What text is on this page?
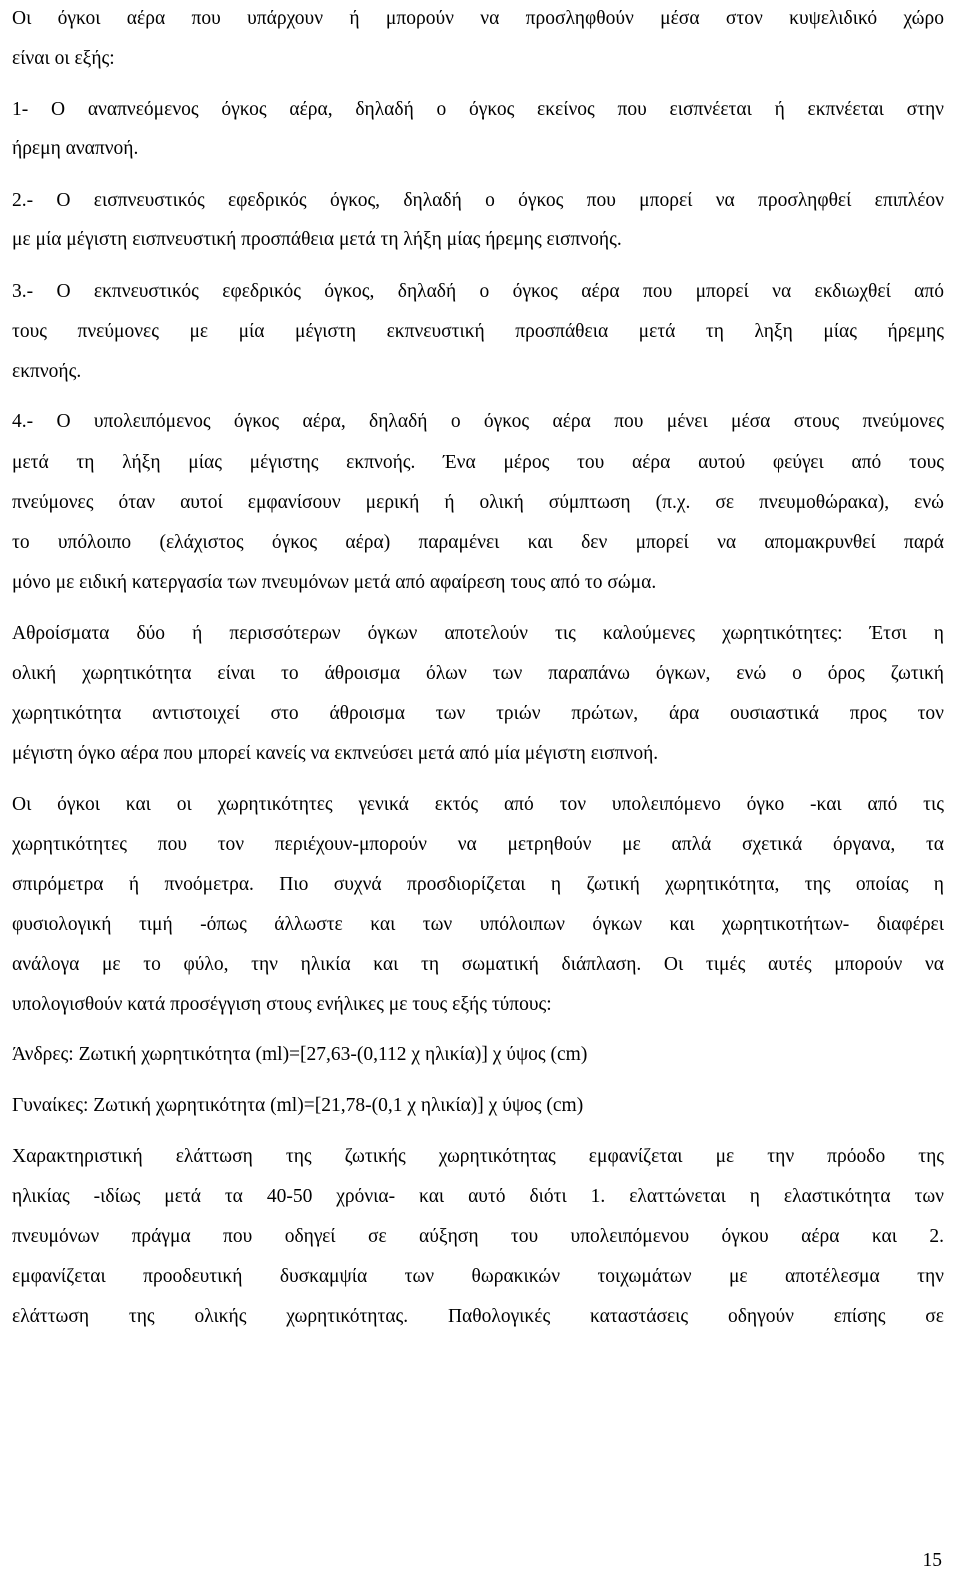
Οι όγκοι αέρα που υπάρχουν ή μπορούν να προσληφθούν μέσα στον κυψελιδικό χώρο
είναι οι εξής:
1- Ο αναπνεόμενος όγκος αέρα, δηλαδή ο όγκος εκείνος που εισπνέεται ή εκπνέεται στην
ήρεμη αναπνοή.
2.- Ο εισπνευστικός εφεδρικός όγκος, δηλαδή ο όγκος που μπορεί να προσληφθεί επιπλέον
με μία μέγιστη εισπνευστική προσπάθεια μετά τη λήξη μίας ήρεμης εισπνοής.
3.- Ο εκπνευστικός εφεδρικός όγκος, δηλαδή ο όγκος αέρα που μπορεί να εκδιωχθεί από
τους πνεύμονες με μία μέγιστη εκπνευστική προσπάθεια μετά τη ληξη μίας ήρεμης
εκπνοής.
4.- Ο υπολειπόμενος όγκος αέρα, δηλαδή ο όγκος αέρα που μένει μέσα στους πνεύμονες
μετά τη λήξη μίας μέγιστης εκπνοής. Ένα μέρος του αέρα αυτού φεύγει από τους
πνεύμονες όταν αυτοί εμφανίσουν μερική ή ολική σύμπτωση (π.χ. σε πνευμοθώρακα), ενώ
το υπόλοιπο (ελάχιστος όγκος αέρα) παραμένει και δεν μπορεί να απομακρυνθεί παρά
μόνο με ειδική κατεργασία των πνευμόνων μετά από αφαίρεση τους από το σώμα.
Αθροίσματα δύο ή περισσότερων όγκων αποτελούν τις καλούμενες χωρητικότητες: Έτσι η
ολική χωρητικότητα είναι το άθροισμα όλων των παραπάνω όγκων, ενώ ο όρος ζωτική
χωρητικότητα αντιστοιχεί στο άθροισμα των τριών πρώτων, άρα ουσιαστικά προς τον
μέγιστη όγκο αέρα που μπορεί κανείς να εκπνεύσει μετά από μία μέγιστη εισπνοή.
Οι όγκοι και οι χωρητικότητες γενικά εκτός από τον υπολειπόμενο όγκο -και από τις
χωρητικότητες που τον περιέχουν-μπορούν να μετρηθούν με απλά σχετικά όργανα, τα
σπιρόμετρα ή πνοόμετρα. Πιο συχνά προσδιορίζεται η ζωτική χωρητικότητα, της οποίας η
φυσιολογική τιμή -όπως άλλωστε και των υπόλοιπων όγκων και χωρητικοτήτων- διαφέρει
ανάλογα με το φύλο, την ηλικία και τη σωματική διάπλαση. Οι τιμές αυτές μπορούν να
υπολογισθούν κατά προσέγγιση στους ενήλικες με τους εξής τύπους:
Άνδρες: Ζωτική χωρητικότητα (ml)=[27,63-(0,112 χ ηλικία)] χ ύψος (cm)
Γυναίκες: Ζωτική χωρητικότητα (ml)=[21,78-(0,1 χ ηλικία)] χ ύψος (cm)
Χαρακτηριστική ελάττωση της ζωτικής χωρητικότητας εμφανίζεται με την πρόοδο της
ηλικίας -ιδίως μετά τα 40-50 χρόνια- και αυτό διότι 1. ελαττώνεται η ελαστικότητα των
πνευμόνων πράγμα που οδηγεί σε αύξηση του υπολειπόμενου όγκου αέρα και 2.
εμφανίζεται προοδευτική δυσκαμψία των θωρακικών τοιχωμάτων με αποτέλεσμα την
ελάττωση της ολικής χωρητικότητας. Παθολογικές καταστάσεις οδηγούν επίσης σε
15
